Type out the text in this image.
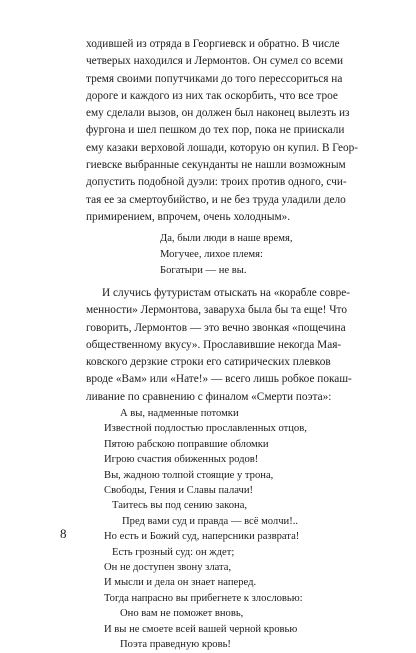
ходившей из отряда в Георгиевск и обратно. В числе

четверых находился и Лермонтов. Он сумел со всеми

тремя своими попутчиками до того перессориться на

дороге и каждого из них так оскорбить, что все трое

ему сделали вызов, он должен был наконец вылезть из

фургона и шел пешком до тех пор, пока не приискали

ему казаки верховой лошади, которую он купил. В Геор-

гиевске выбранные секунданты не нашли возможным

допустить подобной дуэли: троих против одного, счи-

тая ее за смертоубийство, и не без труда уладили дело

примирением, впрочем, очень холодным».

Да, были люди в наше время,
Могучее, лихое племя:
Богатыри — не вы.

И случись футуристам отыскать на «корабле совре-

менности» Лермонтова, заваруха была бы та еще! Что

говорить, Лермонтов — это вечно звонкая «пощечина

общественному вкусу». Прославившие некогда Мая-

ковского дерзкие строки его сатирических плевков

вроде «Вам» или «Нате!» — всего лишь робкое покаш-

ливание по сравнению с финалом «Смерти поэта»:

А вы, надменные потомки
Известной подлостью прославленных отцов,
Пятою рабскою поправшие обломки
Игрою счастия обиженных родов!
Вы, жадною толпой стоящие у трона,
Свободы, Гения и Славы палачи!
Таитесь вы под сению закона,
Пред вами суд и правда — всё молчи!..
Но есть и Божий суд, наперсники разврата!
Есть грозный суд: он ждет;
Он не доступен звону злата,
И мысли и дела он знает наперед.
Тогда напрасно вы прибегнете к злословью:
Оно вам не поможет вновь,
И вы не смоете всей вашей черной кровью
Поэта праведную кровь!
8
